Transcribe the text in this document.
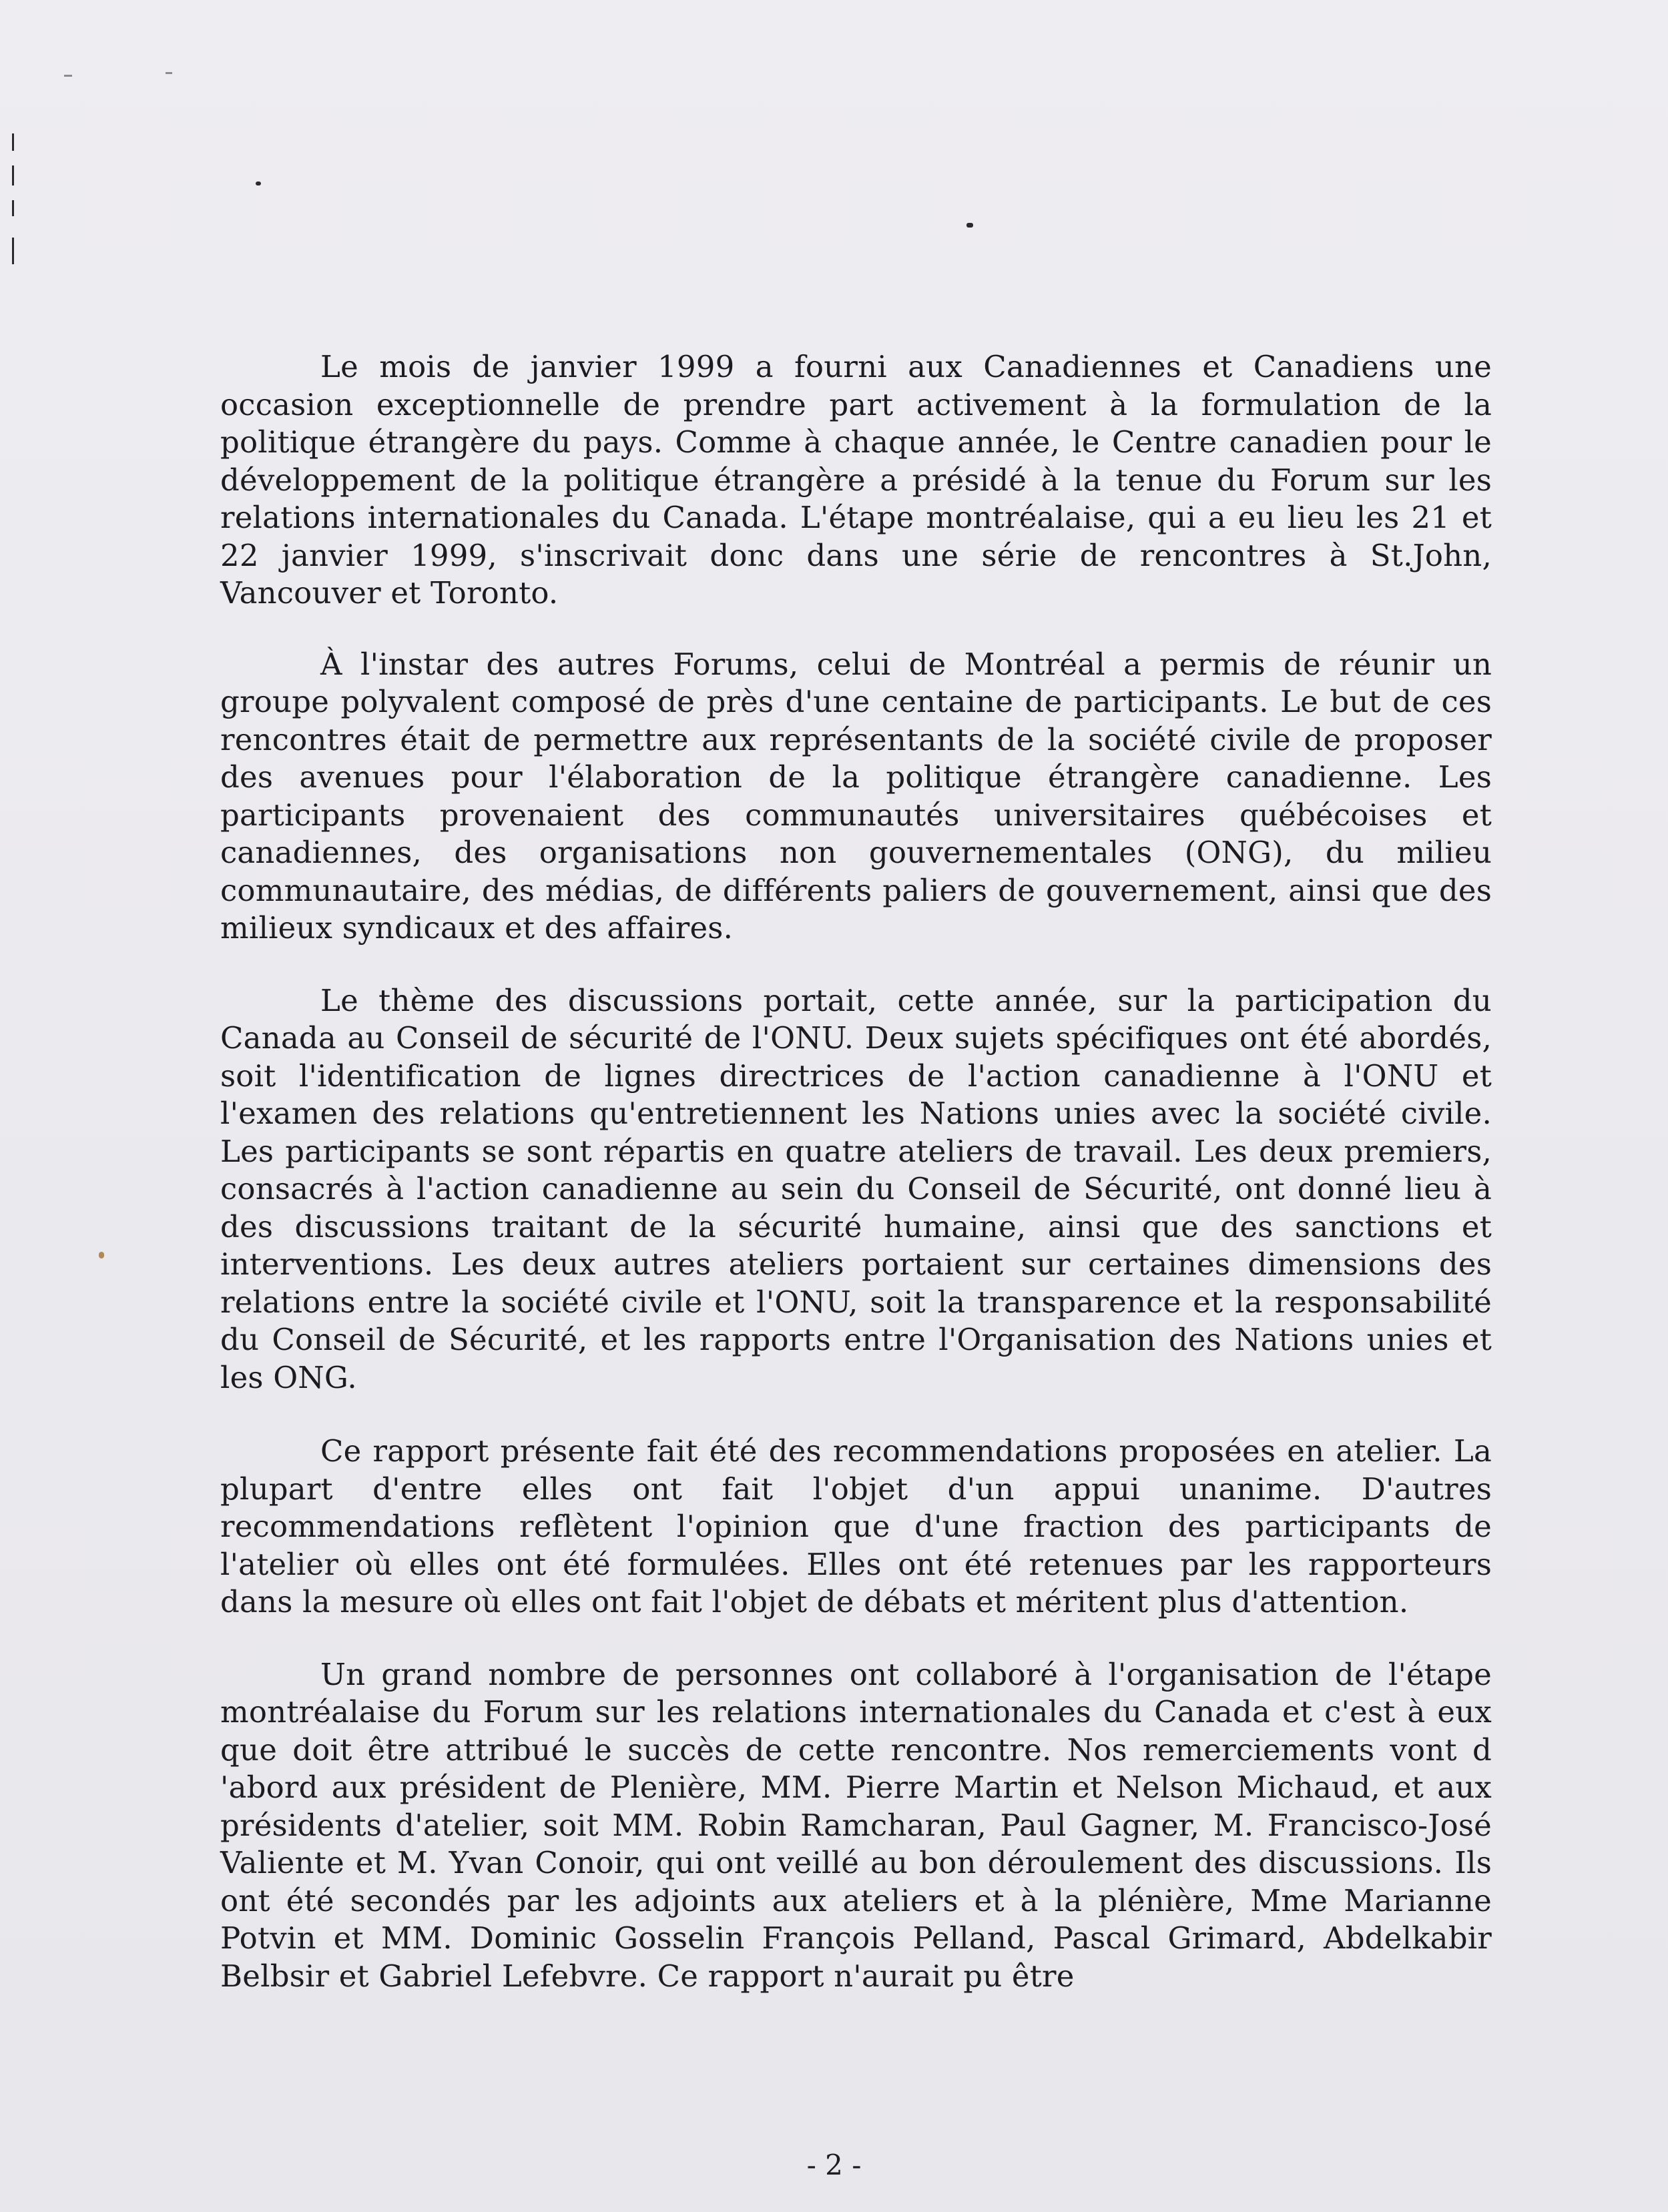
Le mois de janvier 1999 a fourni aux Canadiennes et Canadiens une occasion exceptionnelle de prendre part activement à la formulation de la politique étrangère du pays. Comme à chaque année, le Centre canadien pour le développement de la politique étrangère a présidé à la tenue du Forum sur les relations internationales du Canada. L'étape montréalaise, qui a eu lieu les 21 et 22 janvier 1999, s'inscrivait donc dans une série de rencontres à St.John, Vancouver et Toronto.

À l'instar des autres Forums, celui de Montréal a permis de réunir un groupe polyvalent composé de près d'une centaine de participants. Le but de ces rencontres était de permettre aux représentants de la société civile de proposer des avenues pour l'élaboration de la politique étrangère canadienne. Les participants provenaient des communautés universitaires québécoises et canadiennes, des organisations non gouvernementales (ONG), du milieu communautaire, des médias, de différents paliers de gouvernement, ainsi que des milieux syndicaux et des affaires.

Le thème des discussions portait, cette année, sur la participation du Canada au Conseil de sécurité de l'ONU. Deux sujets spécifiques ont été abordés, soit l'identification de lignes directrices de l'action canadienne à l'ONU et l'examen des relations qu'entretiennent les Nations unies avec la société civile. Les participants se sont répartis en quatre ateliers de travail. Les deux premiers, consacrés à l'action canadienne au sein du Conseil de Sécurité, ont donné lieu à des discussions traitant de la sécurité humaine, ainsi que des sanctions et interventions. Les deux autres ateliers portaient sur certaines dimensions des relations entre la société civile et l'ONU, soit la transparence et la responsabilité du Conseil de Sécurité, et les rapports entre l'Organisation des Nations unies et les ONG.

Ce rapport présente fait été des recommendations proposées en atelier. La plupart d'entre elles ont fait l'objet d'un appui unanime. D'autres recommendations reflètent l'opinion que d'une fraction des participants de l'atelier où elles ont été formulées. Elles ont été retenues par les rapporteurs dans la mesure où elles ont fait l'objet de débats et méritent plus d'attention.

Un grand nombre de personnes ont collaboré à l'organisation de l'étape montréalaise du Forum sur les relations internationales du Canada et c'est à eux que doit être attribué le succès de cette rencontre. Nos remerciements vont d 'abord aux président de Plenière, MM. Pierre Martin et Nelson Michaud, et aux présidents d'atelier, soit MM. Robin Ramcharan, Paul Gagner, M. Francisco-José Valiente et M. Yvan Conoir, qui ont veillé au bon déroulement des discussions. Ils ont été secondés par les adjoints aux ateliers et à la plénière, Mme Marianne Potvin et MM. Dominic Gosselin François Pelland, Pascal Grimard, Abdelkabir Belbsir et Gabriel Lefebvre. Ce rapport n'aurait pu être

- 2 -
